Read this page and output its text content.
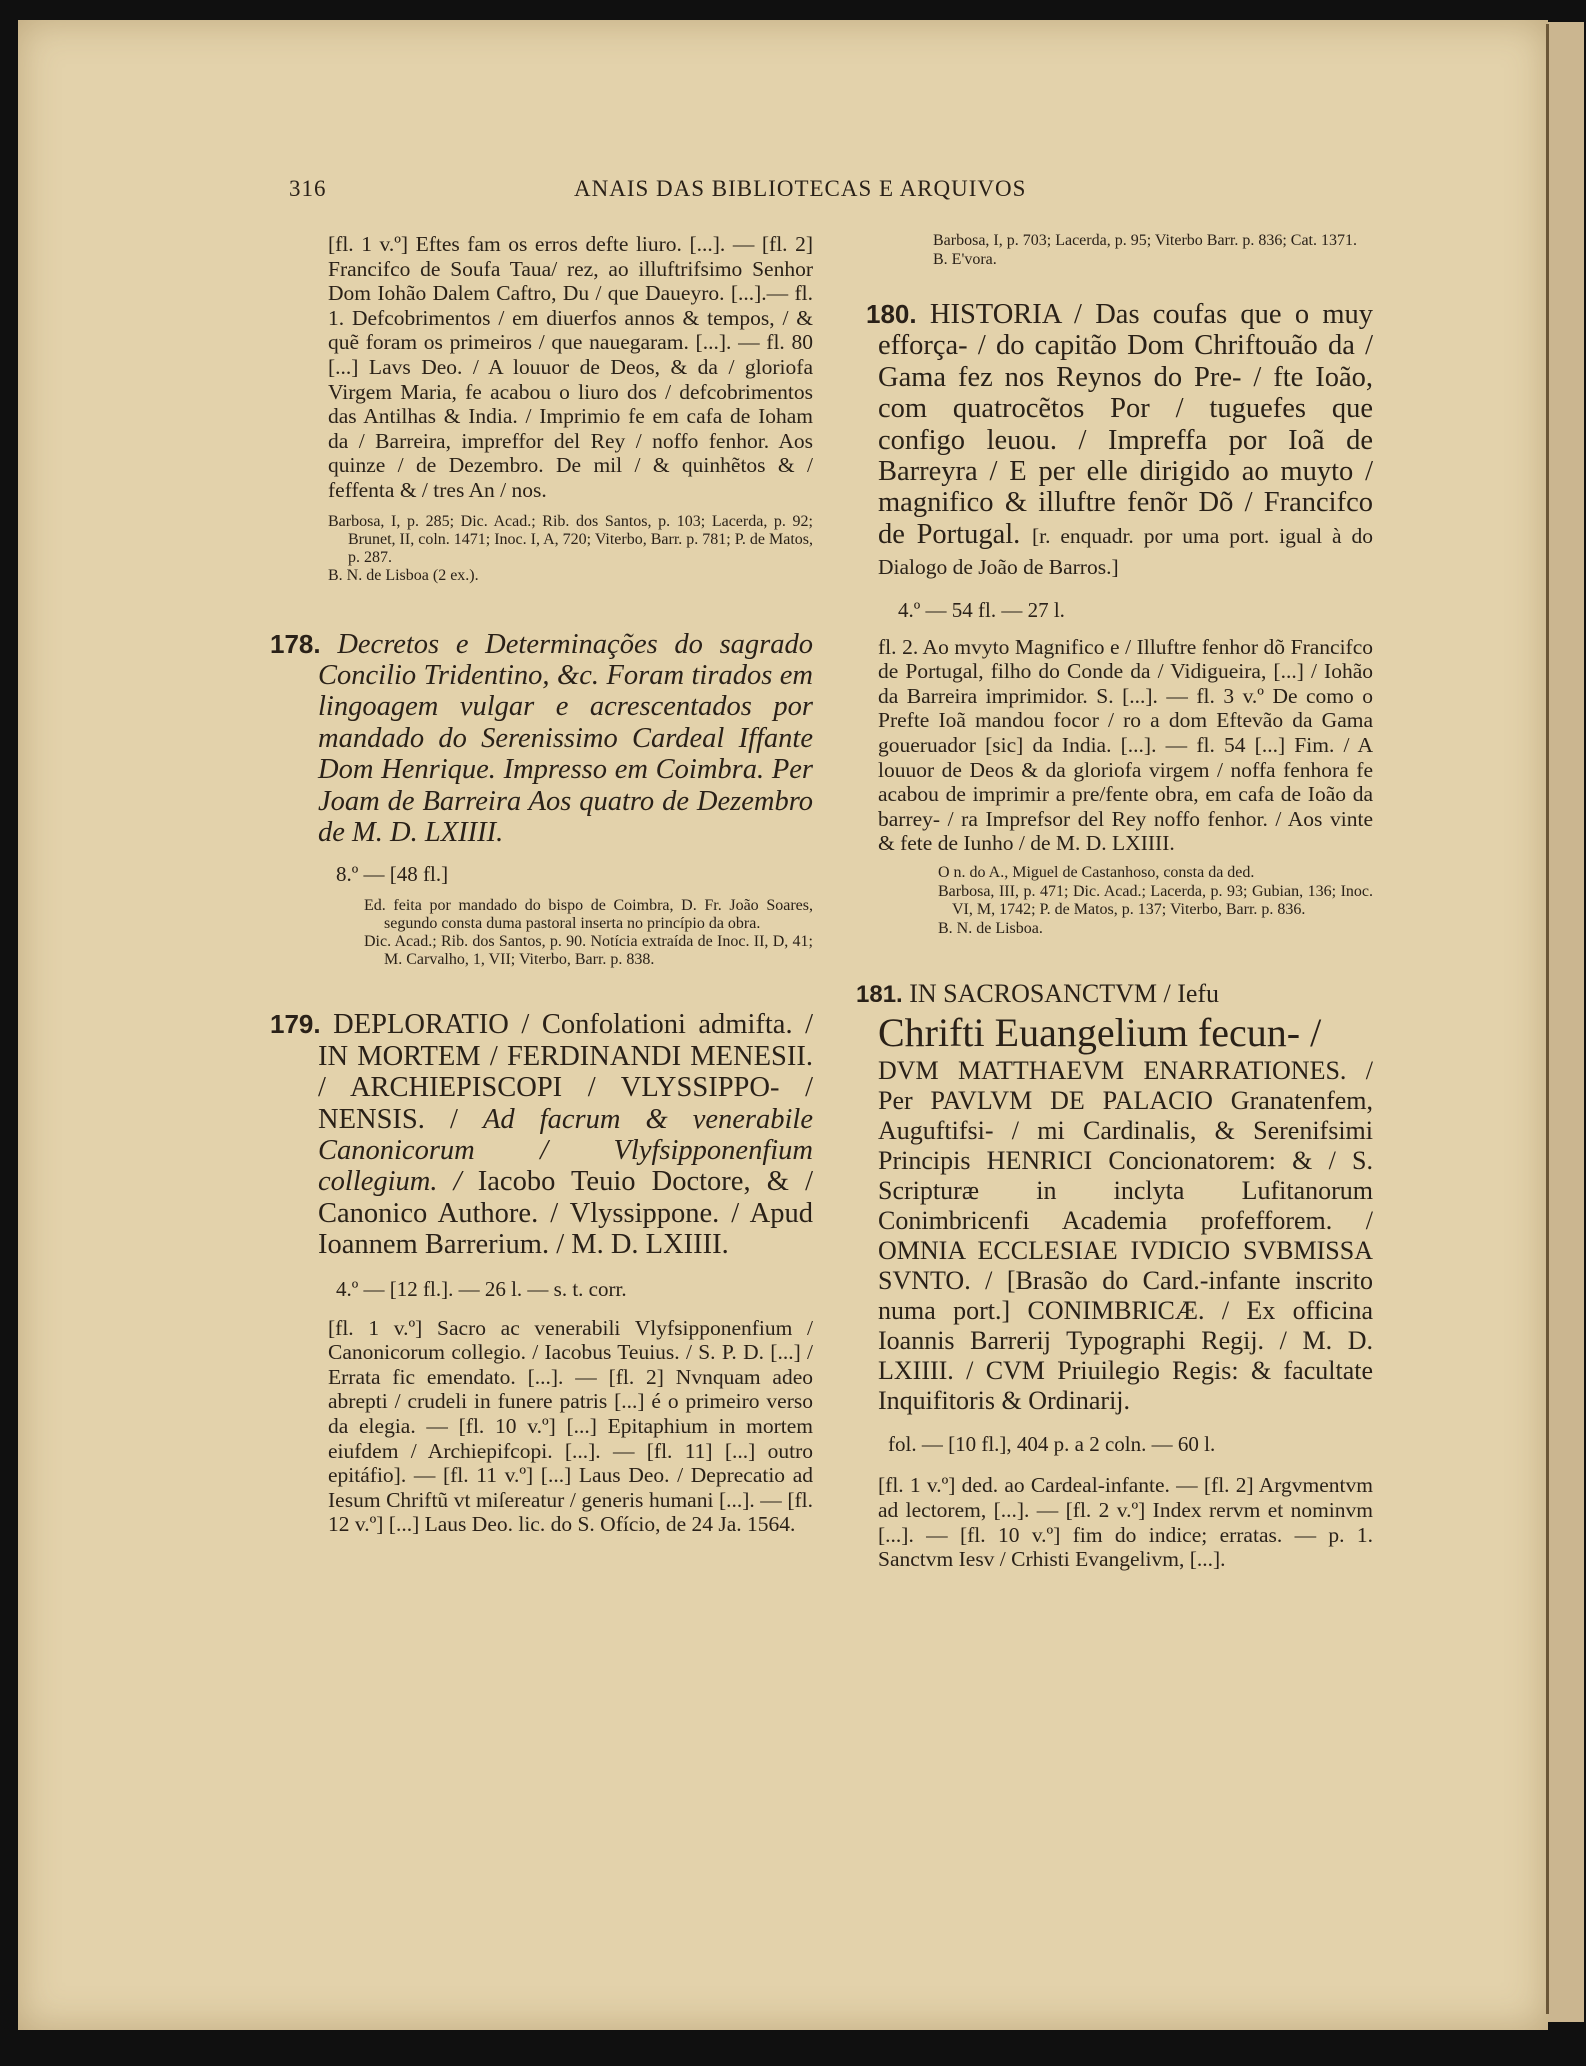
316	ANAIS DAS BIBLIOTECAS E ARQUIVOS

[fl. 1 v.º] Eftes fam os erros defte liuro. [...]. — [fl. 2] Francifco de Soufa Taua/ rez, ao illuftrifsimo Senhor Dom Iohão Dalem Caftro, Du / que Daueyro. [...].— fl. 1. Defcobrimentos / em diuerfos annos & tempos, / & quẽ foram os primeiros / que nauegaram. [...]. — fl. 80 [...] Lavs Deo. / A louuor de Deos, & da / gloriofa Virgem Maria, fe acabou o liuro dos / defcobrimentos das Antilhas & India. / Imprimio fe em cafa de Ioham da / Barreira, impreffor del Rey / noffo fenhor. Aos quinze / de Dezembro. De mil / & quinhẽtos & / feffenta & / tres An / nos.

Barbosa, I, p. 285; Dic. Acad.; Rib. dos Santos, p. 103; Lacerda, p. 92; Brunet, II, coln. 1471; Inoc. I, A, 720; Viterbo, Barr. p. 781; P. de Matos, p. 287.

B. N. de Lisboa (2 ex.).

178. Decretos e Determinações do sagrado Concilio Tridentino, &c. Foram tirados em lingoagem vulgar e acrescentados por mandado do Serenissimo Cardeal Iffante Dom Henrique. Impresso em Coimbra. Per Joam de Barreira Aos quatro de Dezembro de M. D. LXIIII.

8.º — [48 fl.]

Ed. feita por mandado do bispo de Coimbra, D. Fr. João Soares, segundo consta duma pastoral inserta no princípio da obra.

Dic. Acad.; Rib. dos Santos, p. 90. Notícia extraída de Inoc. II, D, 41; M. Carvalho, 1, VII; Viterbo, Barr. p. 838.

179. DEPLORATIO / Confolationi admifta. / IN MORTEM / FERDINANDI MENESII. / ARCHIEPISCOPI / VLYSSIPPO- / NENSIS. / Ad facrum & venerabile Canonicorum / Vlyfsipponenfium collegium. / Iacobo Teuio Doctore, & / Canonico Authore. / Vlyssippone. / Apud Ioannem Barrerium. / M. D. LXIIII.

4.º — [12 fl.]. — 26 l. — s. t. corr.

[fl. 1 v.º] Sacro ac venerabili Vlyfsipponenfium / Canonicorum collegio. / Iacobus Teuius. / S. P. D. [...] / Errata fic emendato. [...]. — [fl. 2] Nvnquam adeo abrepti / crudeli in funere patris [...] é o primeiro verso da elegia. — [fl. 10 v.º] [...] Epitaphium in mortem eiufdem / Archiepifcopi. [...]. — [fl. 11] [...] outro epitáfio]. — [fl. 11 v.º] [...] Laus Deo. / Deprecatio ad Iesum Chriftũ vt miſereatur / generis humani [...]. — [fl. 12 v.º] [...] Laus Deo. lic. do S. Ofício, de 24 Ja. 1564.

Barbosa, I, p. 703; Lacerda, p. 95; Viterbo Barr. p. 836; Cat. 1371.

B. E'vora.

180. HISTORIA / Das coufas que o muy efforça- / do capitão Dom Chriftouão da / Gama fez nos Reynos do Pre- / fte Ioão, com quatrocẽtos Por / tuguefes que configo leuou. / Impreffa por Ioã de Barreyra / E per elle dirigido ao muyto / magnifico & illuftre fenõr Dõ / Francifco de Portugal. [r. enquadr. por uma port. igual à do Dialogo de João de Barros.]

4.º — 54 fl. — 27 l.

fl. 2. Ao mvyto Magnifico e / Illuftre fenhor dõ Francifco de Portugal, filho do Conde da / Vidigueira, [...] / Iohão da Barreira imprimidor. S. [...]. — fl. 3 v.º De como o Prefte Ioã mandou focor / ro a dom Eftevão da Gama goueruador [sic] da India. [...]. — fl. 54 [...] Fim. / A louuor de Deos & da gloriofa virgem / noffa fenhora fe acabou de imprimir a pre/fente obra, em cafa de Ioão da barrey- / ra Imprefsor del Rey noffo fenhor. / Aos vinte & fete de Iunho / de M. D. LXIIII.

O n. do A., Miguel de Castanhoso, consta da ded.

Barbosa, III, p. 471; Dic. Acad.; Lacerda, p. 93; Gubian, 136; Inoc. VI, M, 1742; P. de Matos, p. 137; Viterbo, Barr. p. 836.

B. N. de Lisboa.

181. IN SACROSANCTVM / Iefu

Chrifti Euangelium fecun- /

DVM MATTHAEVM ENARRATIONES. / Per PAVLVM DE PALACIO Granatenfem, Auguftifsi- / mi Cardinalis, & Serenifsimi Principis HENRICI Concionatorem: & / S. Scripturæ in inclyta Lufitanorum Conimbricenfi Academia profefforem. / OMNIA ECCLESIAE IVDICIO SVBMISSA SVNTO. / [Brasão do Card.-infante inscrito numa port.] CONIMBRICÆ. / Ex officina Ioannis Barrerij Typographi Regij. / M. D. LXIIII. / CVM Priuilegio Regis: & facultate Inquifitoris & Ordinarij.

fol. — [10 fl.], 404 p. a 2 coln. — 60 l.

[fl. 1 v.º] ded. ao Cardeal-infante. — [fl. 2] Argvmentvm ad lectorem, [...]. — [fl. 2 v.º] Index rervm et nominvm [...]. — [fl. 10 v.º] fim do indice; erratas. — p. 1. Sanctvm Iesv / Crhisti Evangelivm, [...].
